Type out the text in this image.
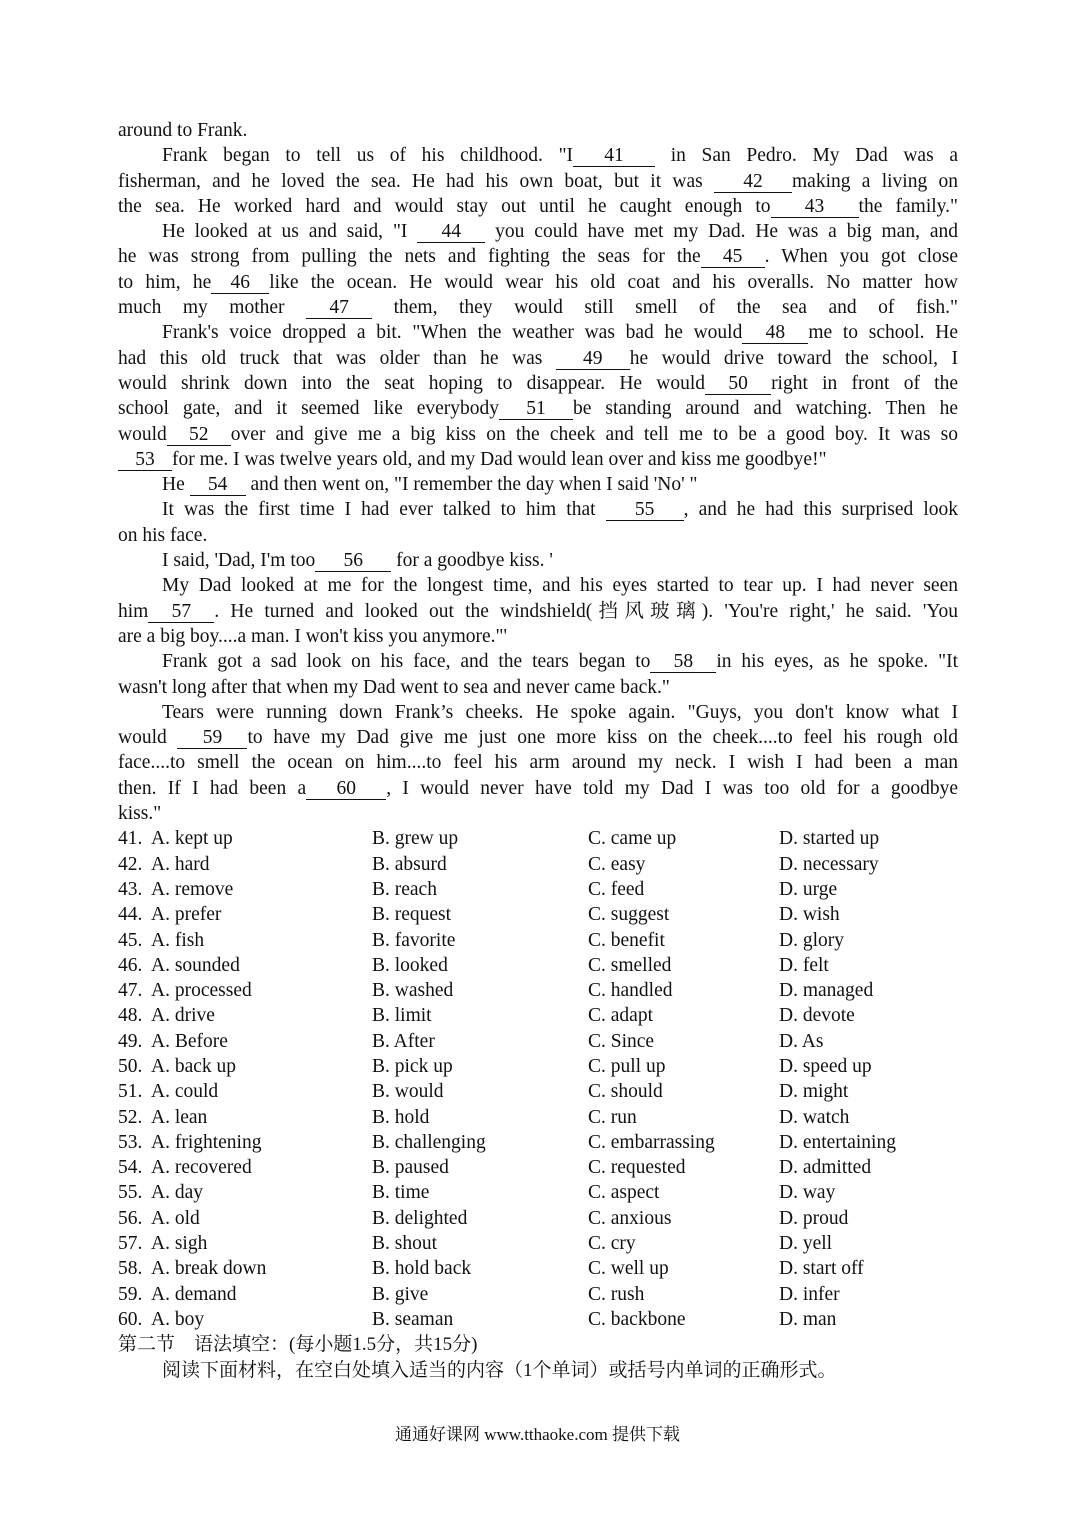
around to Frank.
Frank began to tell us of his childhood. "I 41 in San Pedro. My Dad was a
fisherman, and he loved the sea. He had his own boat, but it was 42 making a living on
the sea. He worked hard and would stay out until he caught enough to 43 the family."
He looked at us and said, "I 44 you could have met my Dad. He was a big man, and
he was strong from pulling the nets and fighting the seas for the 45 . When you got close
to him, he 46 like the ocean. He would wear his old coat and his overalls. No matter how
much my mother 47 them, they would still smell of the sea and of fish."
Frank's voice dropped a bit. "When the weather was bad he would 48 me to school. He
had this old truck that was older than he was 49 he would drive toward the school, I
would shrink down into the seat hoping to disappear. He would 50 right in front of the
school gate, and it seemed like everybody 51 be standing around and watching. Then he
would 52 over and give me a big kiss on the cheek and tell me to be a good boy. It was so
53 for me. I was twelve years old, and my Dad would lean over and kiss me goodbye!"
He 54 and then went on, "I remember the day when I said 'No' "
It was the first time I had ever talked to him that 55 , and he had this surprised look
on his face.
I said, 'Dad, I'm too 56 for a goodbye kiss. '
My Dad looked at me for the longest time, and his eyes started to tear up. I had never seen
him 57 . He turned and looked out the windshield(挡风玻璃). 'You're right,' he said. 'You
are a big boy....a man. I won't kiss you anymore."'
Frank got a sad look on his face, and the tears began to 58 in his eyes, as he spoke. "It
wasn't long after that when my Dad went to sea and never came back."
Tears were running down Frank’s cheeks. He spoke again. "Guys, you don't know what I
would 59 to have my Dad give me just one more kiss on the cheek....to feel his rough old
face....to smell the ocean on him....to feel his arm around my neck. I wish I had been a man
then. If I had been a 60 , I would never have told my Dad I was too old for a goodbye
kiss."
41. A. kept up	B. grew up	C. came up	D. started up
42. A. hard	B. absurd	C. easy	D. necessary
43. A. remove	B. reach	C. feed	D. urge
44. A. prefer	B. request	C. suggest	D. wish
45. A. fish	B. favorite	C. benefit	D. glory
46. A. sounded	B. looked	C. smelled	D. felt
47. A. processed	B. washed	C. handled	D. managed
48. A. drive	B. limit	C. adapt	D. devote
49. A. Before	B. After	C. Since	D. As
50. A. back up	B. pick up	C. pull up	D. speed up
51. A. could	B. would	C. should	D. might
52. A. lean	B. hold	C. run	D. watch
53. A. frightening	B. challenging	C. embarrassing	D. entertaining
54. A. recovered	B. paused	C. requested	D. admitted
55. A. day	B. time	C. aspect	D. way
56. A. old	B. delighted	C. anxious	D. proud
57. A. sigh	B. shout	C. cry	D. yell
58. A. break down	B. hold back	C. well up	D. start off
59. A. demand	B. give	C. rush	D. infer
60. A. boy	B. seaman	C. backbone	D. man
第二节　语法填空：(每小题1.5分，共15分)
阅读下面材料，在空白处填入适当的内容（1个单词）或括号内单词的正确形式。
通通好课网 www.tthaoke.com 提供下载
